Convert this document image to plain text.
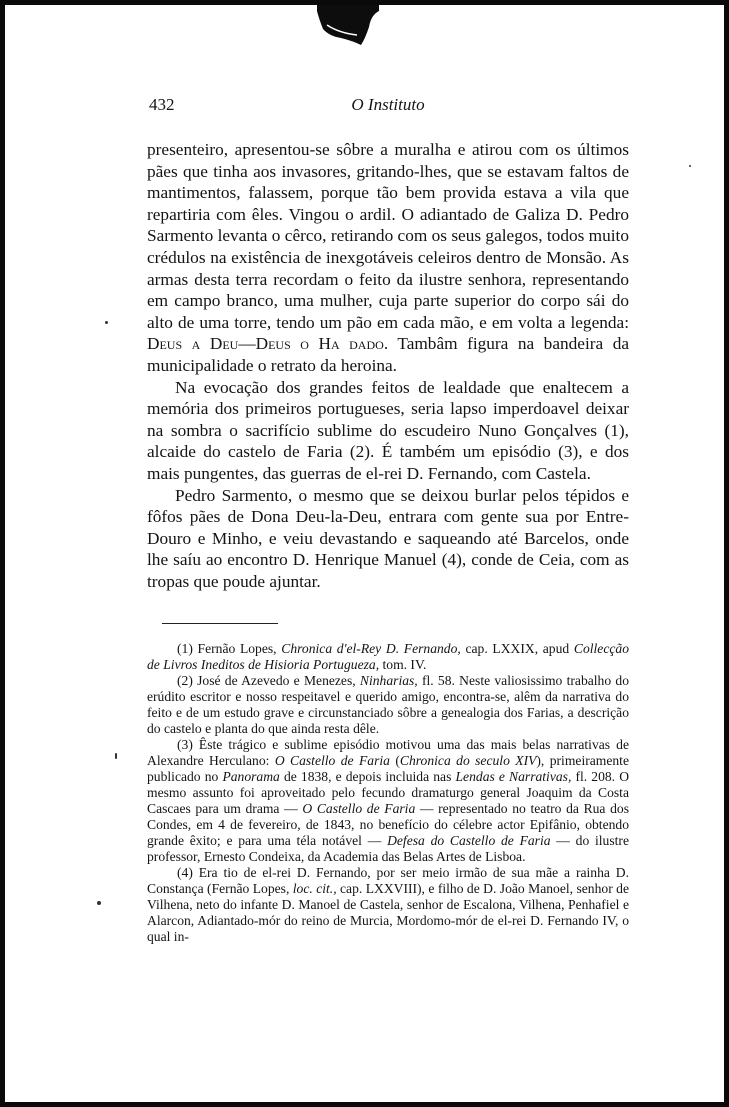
432	O Instituto

presenteiro, apresentou-se sôbre a muralha e atirou com os últimos pães que tinha aos invasores, gritando-lhes, que se estavam faltos de mantimentos, falassem, porque tão bem provida estava a vila que repartiria com êles. Vingou o ardil. O adiantado de Galiza D. Pedro Sarmento levanta o cêrco, retirando com os seus galegos, todos muito crédulos na existência de inexgotáveis celeiros dentro de Monsão. As armas desta terra recordam o feito da ilustre senhora, representando em campo branco, uma mulher, cuja parte superior do corpo sái do alto de uma torre, tendo um pão em cada mão, e em volta a legenda: Deus a Deu—Deus o Ha dado. Tambâm figura na bandeira da municipalidade o retrato da heroina.

Na evocação dos grandes feitos de lealdade que enaltecem a memória dos primeiros portugueses, seria lapso imperdoavel deixar na sombra o sacrifício sublime do escudeiro Nuno Gonçalves (1), alcaide do castelo de Faria (2). É também um episódio (3), e dos mais pungentes, das guerras de el-rei D. Fernando, com Castela.

Pedro Sarmento, o mesmo que se deixou burlar pelos tépidos e fôfos pães de Dona Deu-la-Deu, entrara com gente sua por Entre-Douro e Minho, e veiu devastando e saqueando até Barcelos, onde lhe saíu ao encontro D. Henrique Manuel (4), conde de Ceia, com as tropas que poude ajuntar.

(1) Fernão Lopes, Chronica d'el-Rey D. Fernando, cap. LXXIX, apud Collecção de Livros Ineditos de Hisioria Portugueza, tom. IV.

(2) José de Azevedo e Menezes, Ninharias, fl. 58. Neste valiosissimo trabalho do erúdito escritor e nosso respeitavel e querido amigo, encontra-se, alêm da narrativa do feito e de um estudo grave e circunstanciado sôbre a genealogia dos Farias, a descrição do castelo e planta do que ainda resta dêle.

(3) Êste trágico e sublime episódio motivou uma das mais belas narrativas de Alexandre Herculano: O Castello de Faria (Chronica do seculo XIV), primeiramente publicado no Panorama de 1838, e depois incluida nas Lendas e Narrativas, fl. 208. O mesmo assunto foi aproveitado pelo fecundo dramaturgo general Joaquim da Costa Cascaes para um drama — O Castello de Faria — representado no teatro da Rua dos Condes, em 4 de fevereiro, de 1843, no benefício do célebre actor Epifânio, obtendo grande êxito; e para uma téla notável — Defesa do Castello de Faria — do ilustre professor, Ernesto Condeixa, da Academia das Belas Artes de Lisboa.

(4) Era tio de el-rei D. Fernando, por ser meio irmão de sua mãe a rainha D. Constança (Fernão Lopes, loc. cit., cap. LXXVIII), e filho de D. João Manoel, senhor de Vilhena, neto do infante D. Manoel de Castela, senhor de Escalona, Vilhena, Penhafiel e Alarcon, Adiantado-mór do reino de Murcia, Mordomo-mór de el-rei D. Fernando IV, o qual in-
